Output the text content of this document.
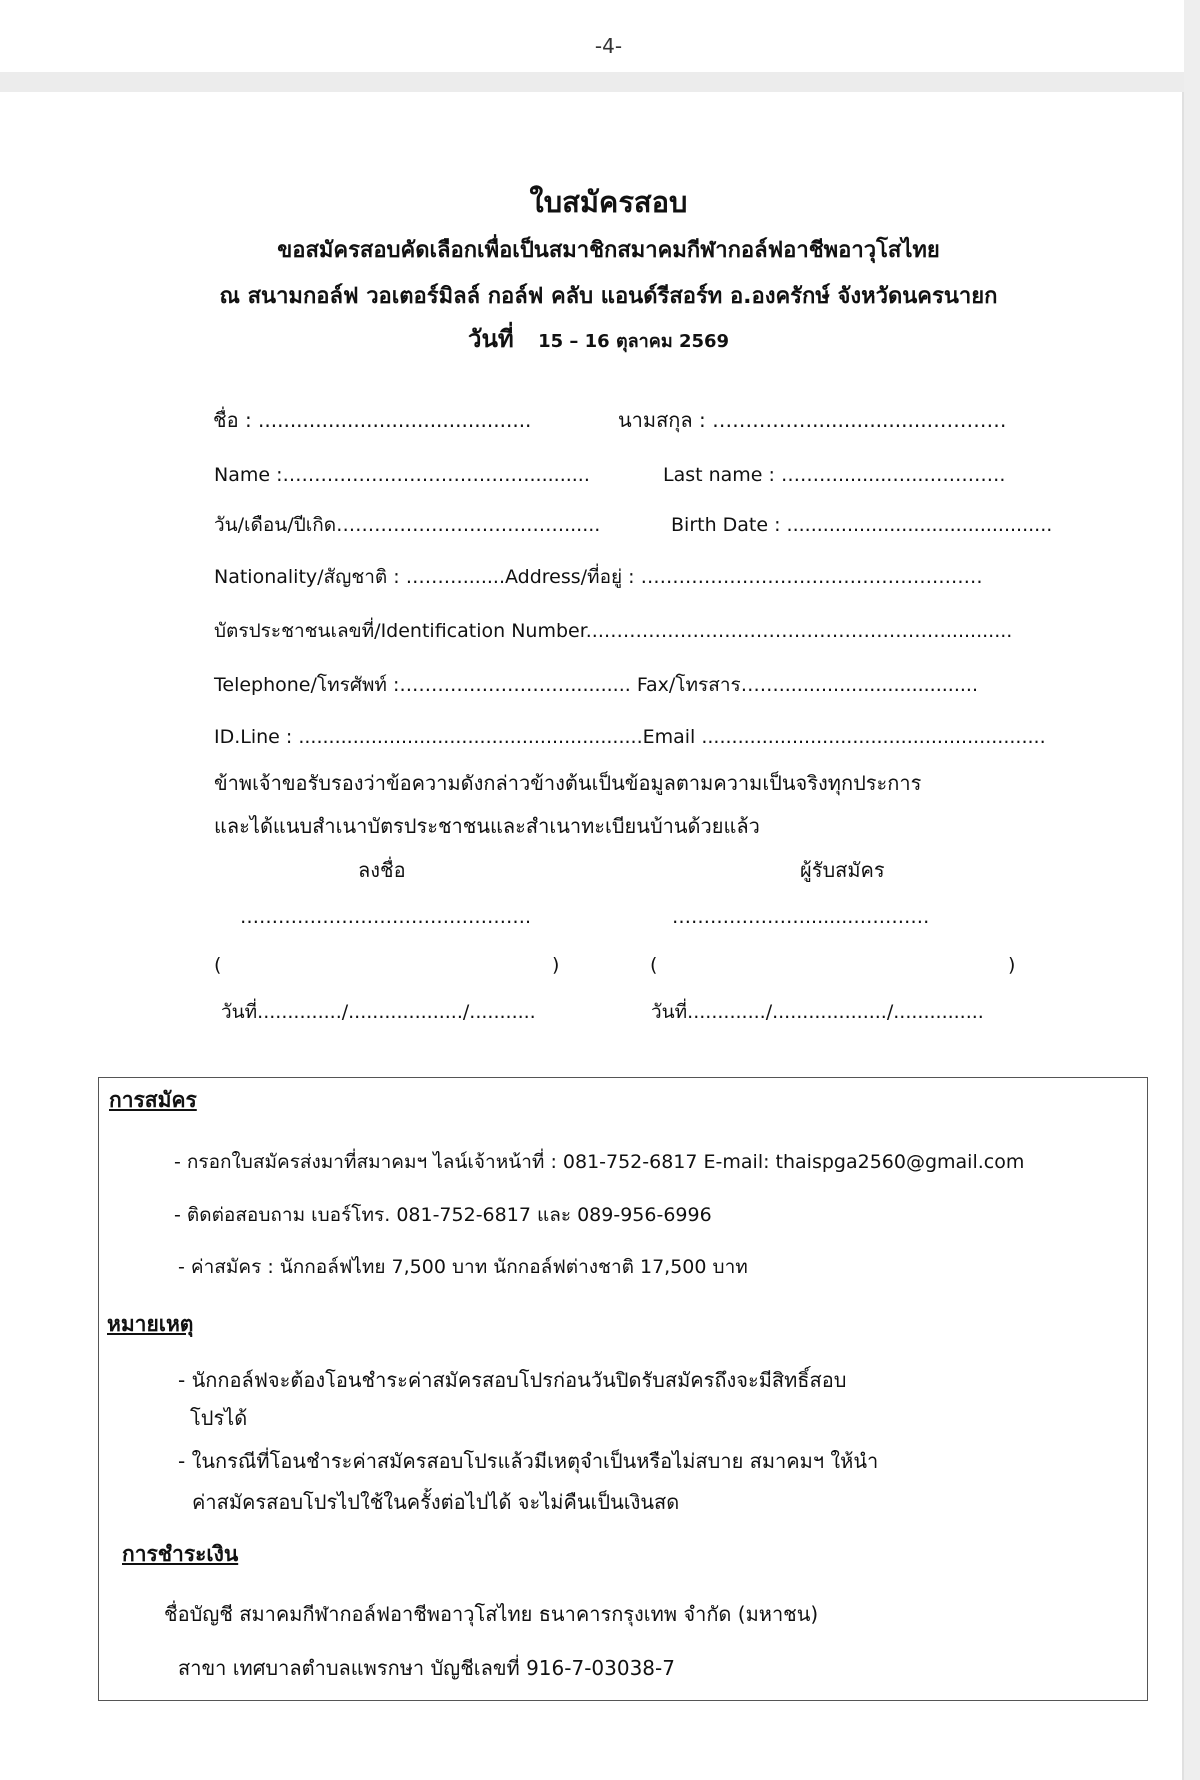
-4-
ใบสมัครสอบ
ขอสมัครสอบคัดเลือกเพื่อเป็นสมาชิกสมาคมกีฬากอล์ฟอาชีพอาวุโสไทย
ณ สนามกอล์ฟ วอเตอร์มิลล์ กอล์ฟ คลับ แอนด์รีสอร์ท อ.องครักษ์ จังหวัดนครนายก
วันที่ 15 – 16 ตุลาคม 2569
ชื่อ : ...........................................	นามสกุล : ……………..................…………
Name :…………………………………..........	Last name : ……….........…..………….
วัน/เดือน/ปีเกิด………………………………......	Birth Date : ............................................
Nationality/สัญชาติ : ……….......Address/ที่อยู่ : ………………………………………………
บัตรประชาชนเลขที่/Identification Number...………………………………………………...........
Telephone/โทรศัพท์ :……………………….......... Fax/โทรสาร…….................................
ID.Line : .........................................................Email .........................................................
ข้าพเจ้าขอรับรองว่าข้อความดังกล่าวข้างต้นเป็นข้อมูลตามความเป็นจริงทุกประการ
และได้แนบสำเนาบัตรประชาชนและสำเนาทะเบียนบ้านด้วยแล้ว
ลงชื่อ	ผู้รับสมัคร
……………………………………….	…………………........…………
(	)	(	)
วันที่............../.................../...........	วันที่............./.................../...............
การสมัคร
- กรอกใบสมัครส่งมาที่สมาคมฯ ไลน์เจ้าหน้าที่ : 081-752-6817 E-mail: thaispga2560@gmail.com
- ติดต่อสอบถาม เบอร์โทร. 081-752-6817 และ 089-956-6996
- ค่าสมัคร : นักกอล์ฟไทย 7,500 บาท นักกอล์ฟต่างชาติ 17,500 บาท
หมายเหตุ
- นักกอล์ฟจะต้องโอนชำระค่าสมัครสอบโปรก่อนวันปิดรับสมัครถึงจะมีสิทธิ์สอบ
โปรได้
- ในกรณีที่โอนชำระค่าสมัครสอบโปรแล้วมีเหตุจำเป็นหรือไม่สบาย สมาคมฯ ให้นำ
ค่าสมัครสอบโปรไปใช้ในครั้งต่อไปได้ จะไม่คืนเป็นเงินสด
การชำระเงิน
ชื่อบัญชี สมาคมกีฬากอล์ฟอาชีพอาวุโสไทย ธนาคารกรุงเทพ จำกัด (มหาชน)
สาขา เทศบาลตำบลแพรกษา บัญชีเลขที่ 916-7-03038-7
